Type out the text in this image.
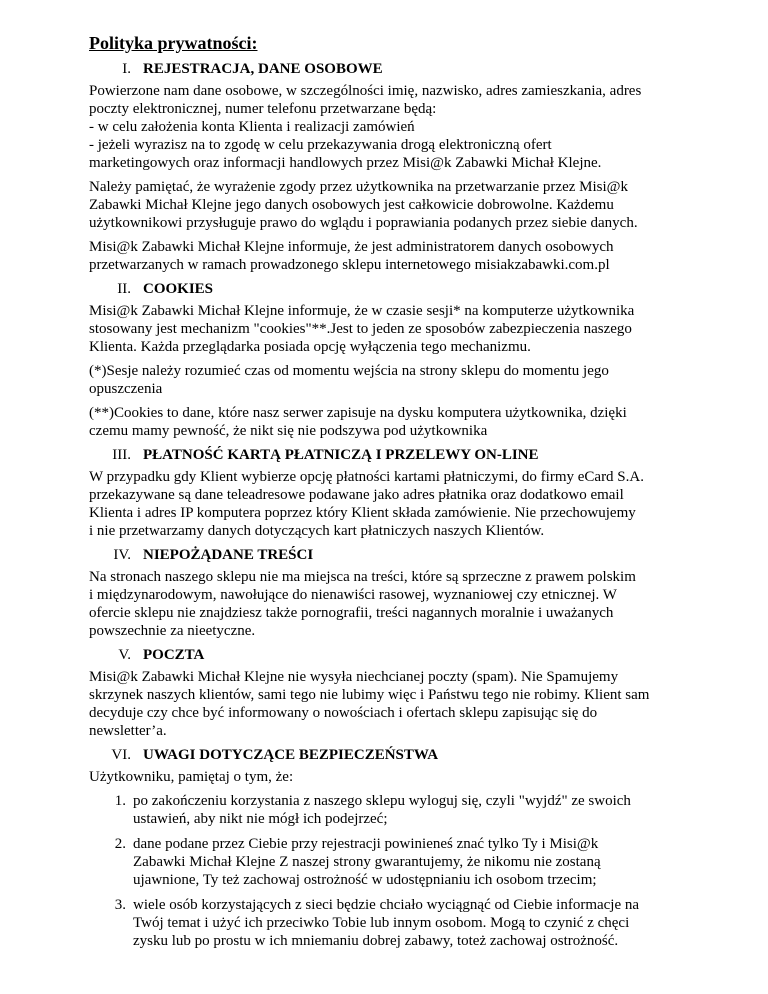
Polityka prywatności:
I. REJESTRACJA, DANE OSOBOWE

Powierzone nam dane osobowe, w szczególności imię, nazwisko, adres zamieszkania, adres
poczty elektronicznej, numer telefonu przetwarzane będą:
- w celu założenia konta Klienta i realizacji zamówień
- jeżeli wyrazisz na to zgodę w celu przekazywania drogą elektroniczną ofert
marketingowych oraz informacji handlowych przez Misi@k Zabawki Michał Klejne.

Należy pamiętać, że wyrażenie zgody przez użytkownika na przetwarzanie przez Misi@k
Zabawki Michał Klejne jego danych osobowych jest całkowicie dobrowolne. Każdemu
użytkownikowi przysługuje prawo do wglądu i poprawiania podanych przez siebie danych.

Misi@k Zabawki Michał Klejne informuje, że jest administratorem danych osobowych
przetwarzanych w ramach prowadzonego sklepu internetowego misiakzabawki.com.pl

II. COOKIES

Misi@k Zabawki Michał Klejne informuje, że w czasie sesji* na komputerze użytkownika
stosowany jest mechanizm "cookies"**.Jest to jeden ze sposobów zabezpieczenia naszego
Klienta. Każda przeglądarka posiada opcję wyłączenia tego mechanizmu.

(*)Sesje należy rozumieć czas od momentu wejścia na strony sklepu do momentu jego
opuszczenia

(**)Cookies to dane, które nasz serwer zapisuje na dysku komputera użytkownika, dzięki
czemu mamy pewność, że nikt się nie podszywa pod użytkownika

III. PŁATNOŚĆ KARTĄ PŁATNICZĄ I PRZELEWY ON-LINE

W przypadku gdy Klient wybierze opcję płatności kartami płatniczymi, do firmy eCard S.A.
przekazywane są dane teleadresowe podawane jako adres płatnika oraz dodatkowo email
Klienta i adres IP komputera poprzez który Klient składa zamówienie. Nie przechowujemy
i nie przetwarzamy danych dotyczących kart płatniczych naszych Klientów.

IV. NIEPOŻĄDANE TREŚCI

Na stronach naszego sklepu nie ma miejsca na treści, które są sprzeczne z prawem polskim
i międzynarodowym, nawołujące do nienawiści rasowej, wyznaniowej czy etnicznej. W
ofercie sklepu nie znajdziesz także pornografii, treści nagannych moralnie i uważanych
powszechnie za nieetyczne.

V. POCZTA

Misi@k Zabawki Michał Klejne nie wysyła niechcianej poczty (spam). Nie Spamujemy
skrzynek naszych klientów, sami tego nie lubimy więc i Państwu tego nie robimy. Klient sam
decyduje czy chce być informowany o nowościach i ofertach sklepu zapisując się do
newsletter’a.

VI. UWAGI DOTYCZĄCE BEZPIECZEŃSTWA

Użytkowniku, pamiętaj o tym, że:

1. po zakończeniu korzystania z naszego sklepu wyloguj się, czyli "wyjdź" ze swoich
ustawień, aby nikt nie mógł ich podejrzeć;
2. dane podane przez Ciebie przy rejestracji powinieneś znać tylko Ty i Misi@k
Zabawki Michał Klejne Z naszej strony gwarantujemy, że nikomu nie zostaną
ujawnione, Ty też zachowaj ostrożność w udostępnianiu ich osobom trzecim;
3. wiele osób korzystających z sieci będzie chciało wyciągnąć od Ciebie informacje na
Twój temat i użyć ich przeciwko Tobie lub innym osobom. Mogą to czynić z chęci
zysku lub po prostu w ich mniemaniu dobrej zabawy, toteż zachowaj ostrożność.
